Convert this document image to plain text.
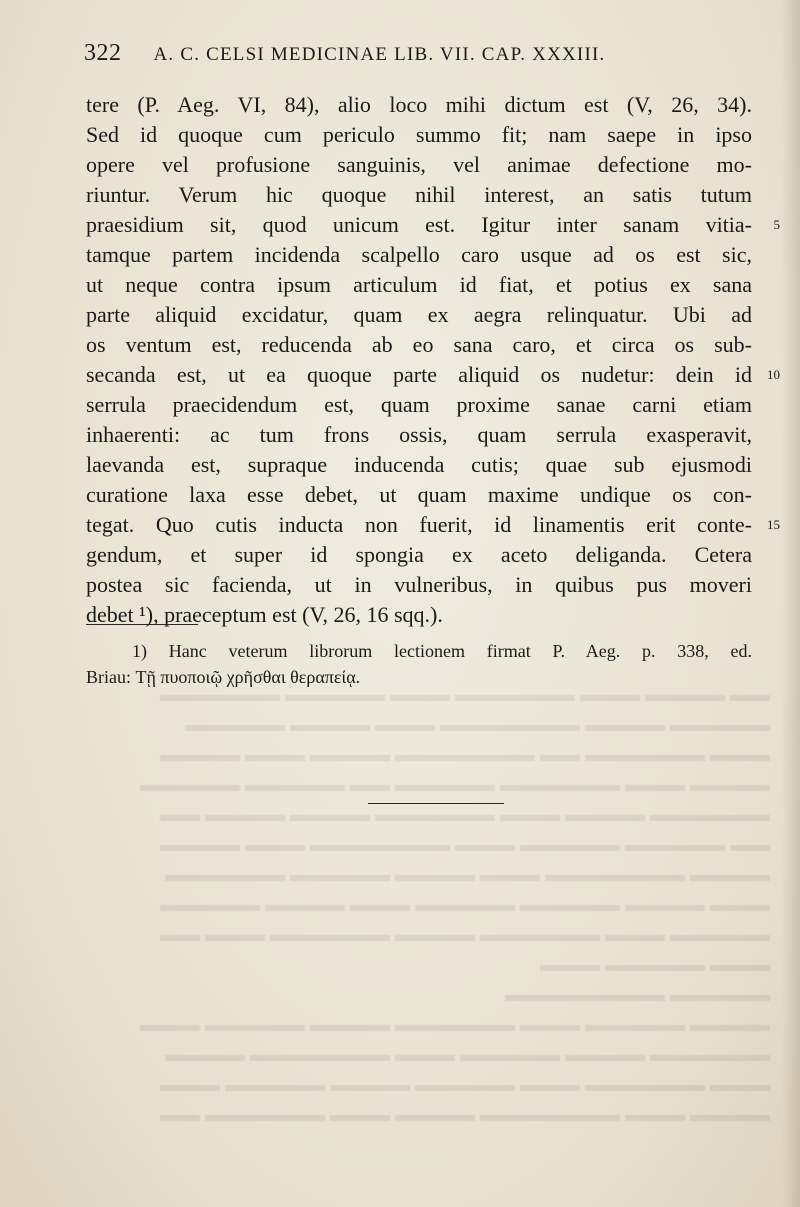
322 A. C. CELSI MEDICINAE LIB. VII. CAP. XXXIII.
tere (P. Aeg. VI, 84), alio loco mihi dictum est (V, 26, 34).
Sed id quoque cum periculo summo fit; nam saepe in ipso
opere vel profusione sanguinis, vel animae defectione mo-
riuntur. Verum hic quoque nihil interest, an satis tutum
praesidium sit, quod unicum est. Igitur inter sanam vitia- 5
tamque partem incidenda scalpello caro usque ad os est sic,
ut neque contra ipsum articulum id fiat, et potius ex sana
parte aliquid excidatur, quam ex aegra relinquatur. Ubi ad
os ventum est, reducenda ab eo sana caro, et circa os sub-
secanda est, ut ea quoque parte aliquid os nudetur: dein id 10
serrula praecidendum est, quam proxime sanae carni etiam
inhaerenti: ac tum frons ossis, quam serrula exasperavit,
laevanda est, supraque inducenda cutis; quae sub ejusmodi
curatione laxa esse debet, ut quam maxime undique os con-
tegat. Quo cutis inducta non fuerit, id linamentis erit conte- 15
gendum, et super id spongia ex aceto deliganda. Cetera
postea sic facienda, ut in vulneribus, in quibus pus moveri
debet ¹), praeceptum est (V, 26, 16 sqq.).
1) Hanc veterum librorum lectionem firmat P. Aeg. p. 338, ed.
Briau: Τῇ πυοποιῷ χρῆσθαι θεραπείᾳ.
▬▬ ▬▬▬▬ ▬▬▬ ▬▬▬▬▬▬ ▬▬▬ ▬▬▬▬▬ ▬▬▬▬▬▬
▬▬▬▬▬ ▬▬▬▬ ▬▬▬▬▬▬▬ ▬▬▬ ▬▬▬▬ ▬▬▬▬▬
▬▬▬ ▬▬▬▬▬▬ ▬▬ ▬▬▬▬▬▬▬ ▬▬▬▬ ▬▬▬ ▬▬▬▬
▬▬▬▬ ▬▬▬ ▬▬▬▬▬▬ ▬▬▬▬▬ ▬▬ ▬▬▬▬▬ ▬▬▬▬▬
▬▬▬▬▬▬ ▬▬▬▬ ▬▬▬ ▬▬▬▬▬▬ ▬▬▬▬ ▬▬▬▬ ▬▬
▬▬ ▬▬▬▬▬ ▬▬▬▬▬ ▬▬▬ ▬▬▬▬▬▬▬ ▬▬▬ ▬▬▬▬
▬▬▬▬ ▬▬▬▬▬▬▬ ▬▬▬ ▬▬▬▬ ▬▬▬▬▬ ▬▬▬▬▬▬
▬▬▬ ▬▬▬▬ ▬▬▬▬▬ ▬▬▬▬▬ ▬▬▬ ▬▬▬▬ ▬▬▬▬▬
▬▬▬▬▬ ▬▬▬ ▬▬▬▬▬▬ ▬▬▬▬ ▬▬▬▬▬▬ ▬▬▬ ▬▬
▬▬▬ ▬▬▬▬▬ ▬▬▬
▬▬▬▬▬ ▬▬▬▬▬▬▬▬
▬▬▬▬ ▬▬▬▬▬ ▬▬▬ ▬▬▬▬▬▬ ▬▬▬▬ ▬▬▬▬▬ ▬▬▬
▬▬▬▬▬▬ ▬▬▬▬ ▬▬▬▬▬ ▬▬▬ ▬▬▬▬▬▬▬ ▬▬▬▬
▬▬▬ ▬▬▬▬▬▬ ▬▬▬ ▬▬▬▬▬ ▬▬▬▬ ▬▬▬▬▬ ▬▬▬
▬▬▬▬ ▬▬▬ ▬▬▬▬▬▬▬ ▬▬▬▬ ▬▬▬ ▬▬▬▬▬▬ ▬▬
